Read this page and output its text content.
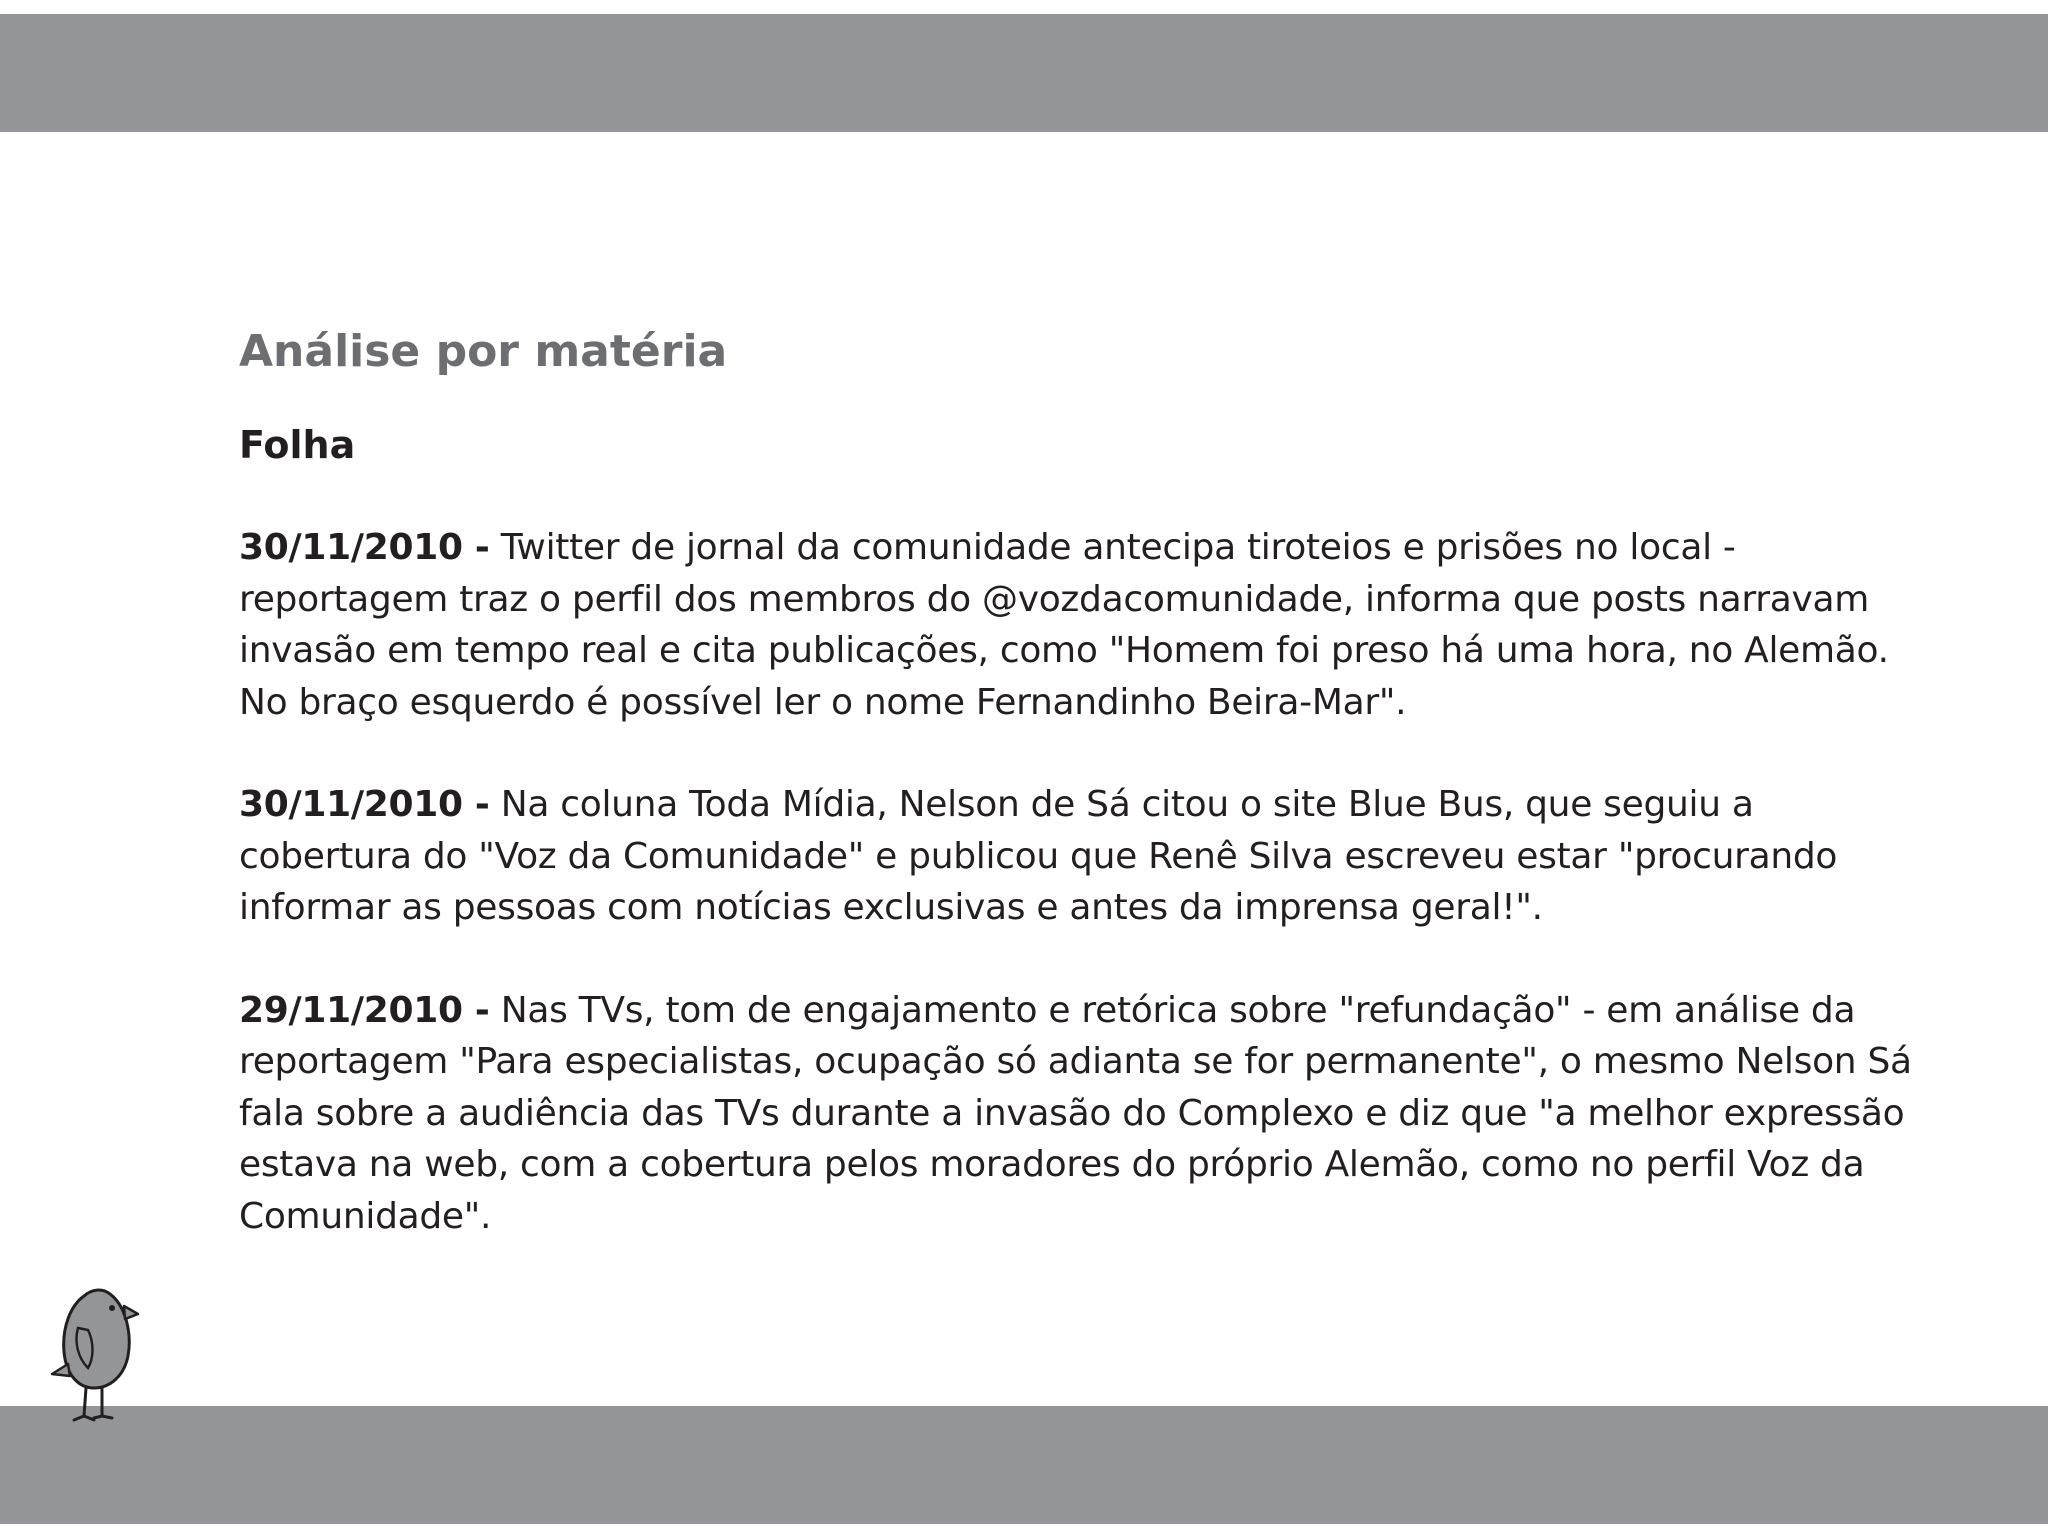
Análise por matéria
Folha

30/11/2010 - Twitter de jornal da comunidade antecipa tiroteios e prisões no local - reportagem traz o perfil dos membros do @vozdacomunidade, informa que posts narravam invasão em tempo real e cita publicações, como "Homem foi preso há uma hora, no Alemão. No braço esquerdo é possível ler o nome Fernandinho Beira-Mar".

30/11/2010 - Na coluna Toda Mídia, Nelson de Sá citou o site Blue Bus, que seguiu a cobertura do "Voz da Comunidade" e publicou que Renê Silva escreveu estar "procurando informar as pessoas com notícias exclusivas e antes da imprensa geral!".

29/11/2010 - Nas TVs, tom de engajamento e retórica sobre "refundação" - em análise da reportagem "Para especialistas, ocupação só adianta se for permanente", o mesmo Nelson Sá fala sobre a audiência das TVs durante a invasão do Complexo e diz que "a melhor expressão estava na web, com a cobertura pelos moradores do próprio Alemão, como no perfil Voz da Comunidade".
